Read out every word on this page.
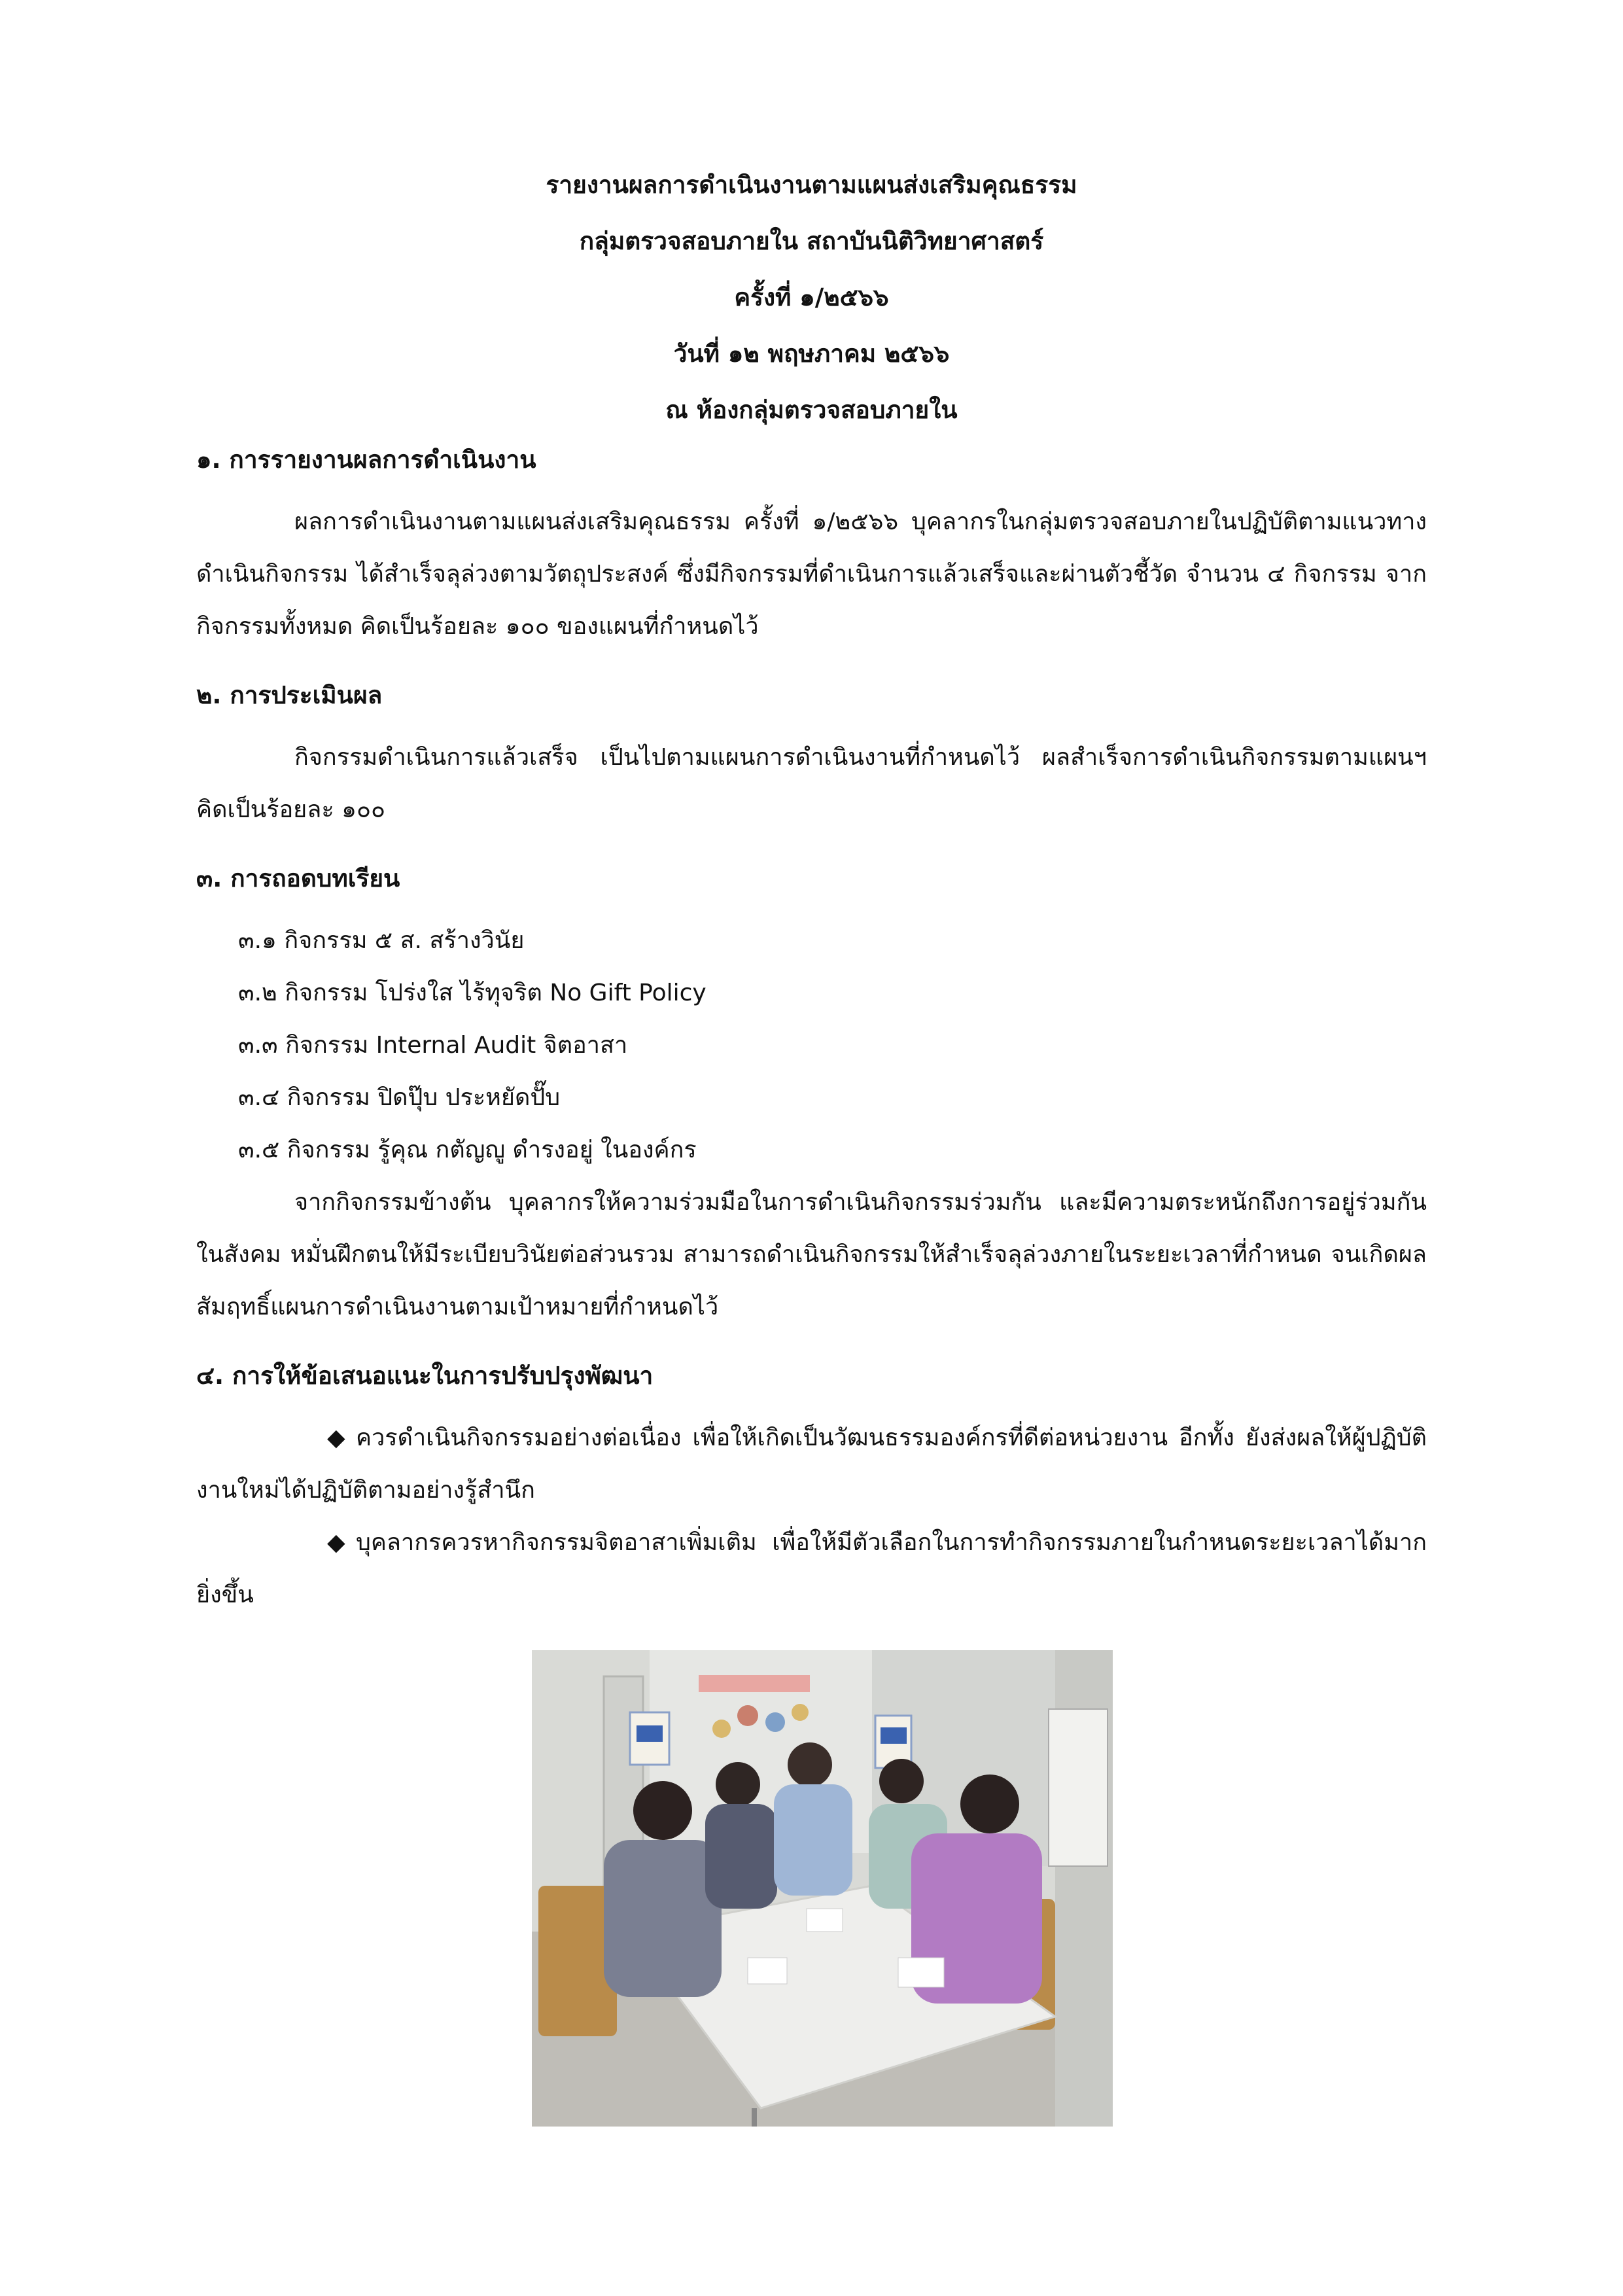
รายงานผลการดำเนินงานตามแผนส่งเสริมคุณธรรม
กลุ่มตรวจสอบภายใน สถาบันนิติวิทยาศาสตร์
ครั้งที่ ๑/๒๕๖๖
วันที่ ๑๒ พฤษภาคม ๒๕๖๖
ณ ห้องกลุ่มตรวจสอบภายใน
๑. การรายงานผลการดำเนินงาน

ผลการดำเนินงานตามแผนส่งเสริมคุณธรรม ครั้งที่ ๑/๒๕๖๖ บุคลากรในกลุ่มตรวจสอบภายในปฏิบัติตามแนวทางดำเนินกิจกรรม ได้สำเร็จลุล่วงตามวัตถุประสงค์ ซึ่งมีกิจกรรมที่ดำเนินการแล้วเสร็จและผ่านตัวชี้วัด จำนวน ๔ กิจกรรม จากกิจกรรมทั้งหมด คิดเป็นร้อยละ ๑๐๐ ของแผนที่กำหนดไว้

๒. การประเมินผล

กิจกรรมดำเนินการแล้วเสร็จ เป็นไปตามแผนการดำเนินงานที่กำหนดไว้ ผลสำเร็จการดำเนินกิจกรรมตามแผนฯ คิดเป็นร้อยละ ๑๐๐

๓. การถอดบทเรียน
๓.๑ กิจกรรม ๕ ส. สร้างวินัย
๓.๒ กิจกรรม โปร่งใส ไร้ทุจริต No Gift Policy
๓.๓ กิจกรรม Internal Audit จิตอาสา
๓.๔ กิจกรรม ปิดปุ๊บ ประหยัดปั๊บ
๓.๕ กิจกรรม รู้คุณ กตัญญู ดำรงอยู่ ในองค์กร

จากกิจกรรมข้างต้น บุคลากรให้ความร่วมมือในการดำเนินกิจกรรมร่วมกัน และมีความตระหนักถึงการอยู่ร่วมกันในสังคม หมั่นฝึกตนให้มีระเบียบวินัยต่อส่วนรวม สามารถดำเนินกิจกรรมให้สำเร็จลุล่วงภายในระยะเวลาที่กำหนด จนเกิดผลสัมฤทธิ์แผนการดำเนินงานตามเป้าหมายที่กำหนดไว้

๔. การให้ข้อเสนอแนะในการปรับปรุงพัฒนา

◆ ควรดำเนินกิจกรรมอย่างต่อเนื่อง เพื่อให้เกิดเป็นวัฒนธรรมองค์กรที่ดีต่อหน่วยงาน อีกทั้ง ยังส่งผลให้ผู้ปฏิบัติงานใหม่ได้ปฏิบัติตามอย่างรู้สำนึก

◆ บุคลากรควรหากิจกรรมจิตอาสาเพิ่มเติม เพื่อให้มีตัวเลือกในการทำกิจกรรมภายในกำหนดระยะเวลาได้มากยิ่งขึ้น
